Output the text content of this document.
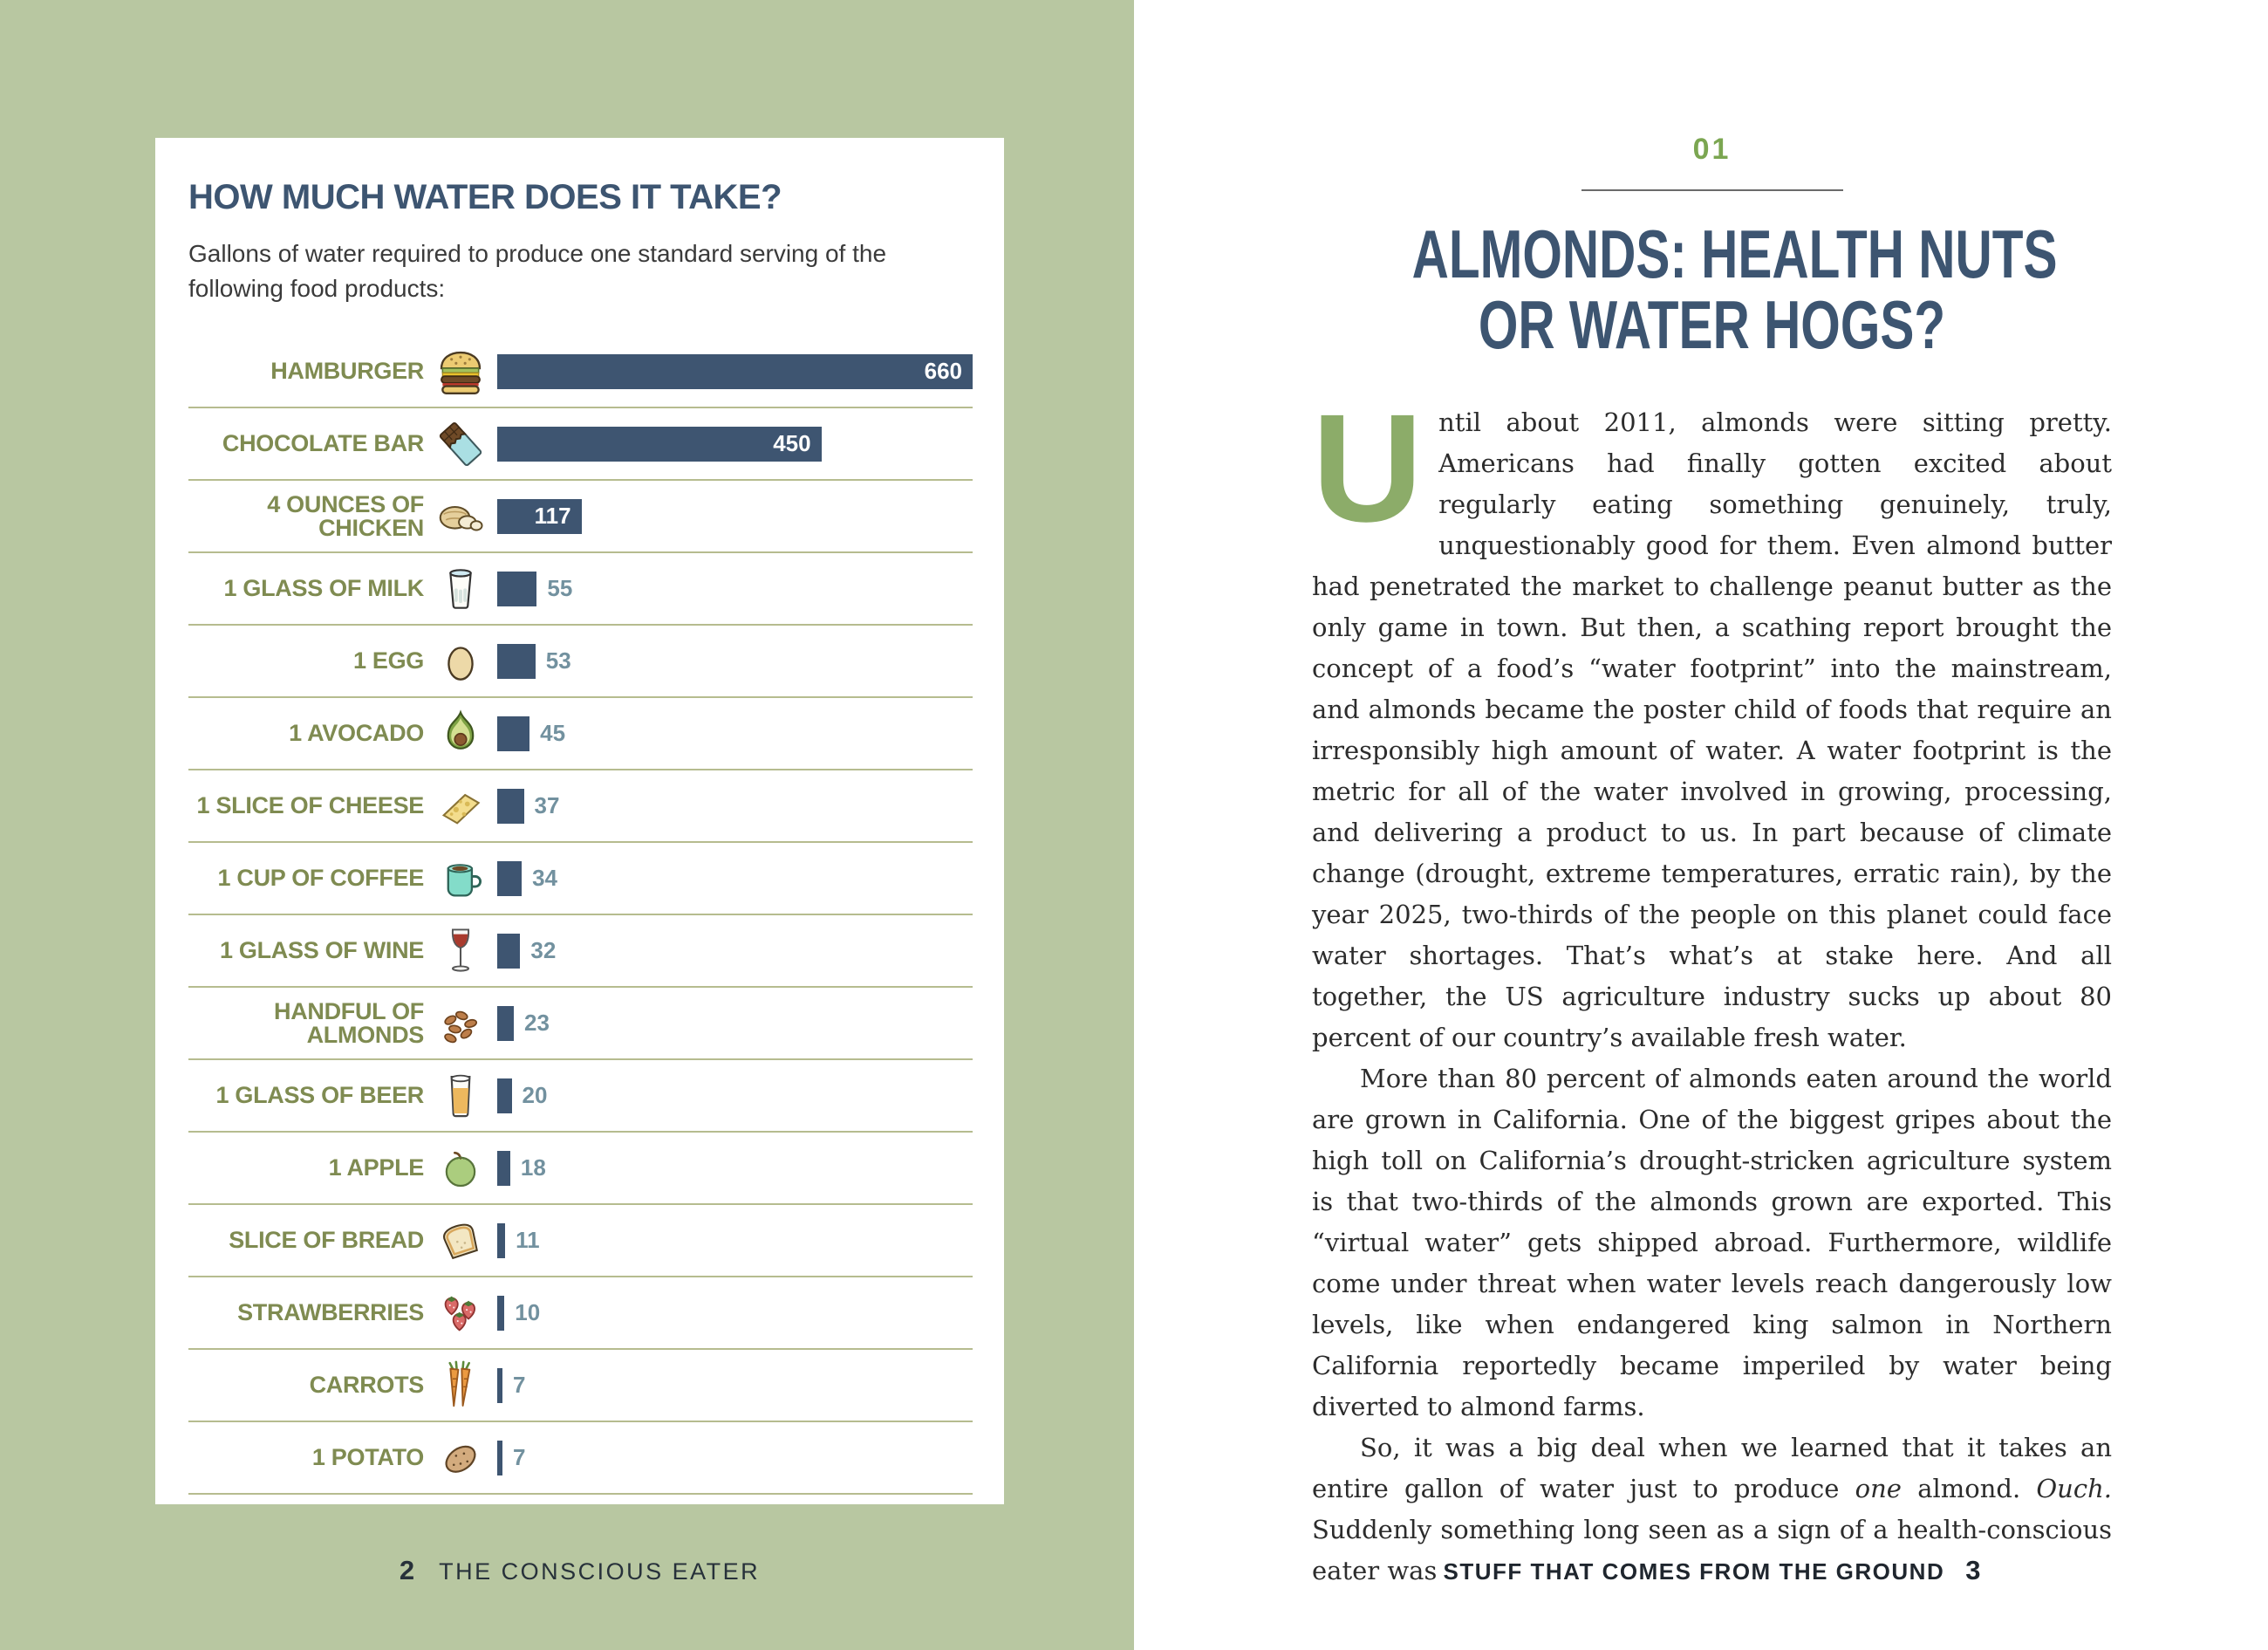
HOW MUCH WATER DOES IT TAKE?
Gallons of water required to produce one standard serving of the following food products:
HAMBURGER	660
CHOCOLATE BAR	450
4 OUNCES OF CHICKEN	117
1 GLASS OF MILK	55
1 EGG	53
1 AVOCADO	45
1 SLICE OF CHEESE	37
1 CUP OF COFFEE	34
1 GLASS OF WINE	32
HANDFUL OF ALMONDS	23
1 GLASS OF BEER	20
1 APPLE	18
SLICE OF BREAD	11
STRAWBERRIES	10
CARROTS	7
1 POTATO	7
2 THE CONSCIOUS EATER
01
ALMONDS: HEALTH NUTS
OR WATER HOGS?

Until about 2011, almonds were sitting pretty. Americans had finally gotten excited about regularly eating something genuinely, truly, unquestionably good for them. Even almond butter had penetrated the market to challenge peanut butter as the only game in town. But then, a scathing report brought the concept of a food’s “water footprint” into the mainstream, and almonds became the poster child of foods that require an irresponsibly high amount of water. A water footprint is the metric for all of the water involved in growing, processing, and delivering a product to us. In part because of climate change (drought, extreme temperatures, erratic rain), by the year 2025, two-thirds of the people on this planet could face water shortages. That’s what’s at stake here. And all together, the US agriculture industry sucks up about 80 percent of our country’s available fresh water.

More than 80 percent of almonds eaten around the world are grown in California. One of the biggest gripes about the high toll on California’s drought-stricken agriculture system is that two-thirds of the almonds grown are exported. This “virtual water” gets shipped abroad. Furthermore, wildlife come under threat when water levels reach dangerously low levels, like when endangered king salmon in Northern California reportedly became imperiled by water being diverted to almond farms.

So, it was a big deal when we learned that it takes an entire gallon of water just to produce one almond. Ouch. Suddenly something long seen as a sign of a health-conscious eater was STUFF THAT COMES FROM THE GROUND 3
